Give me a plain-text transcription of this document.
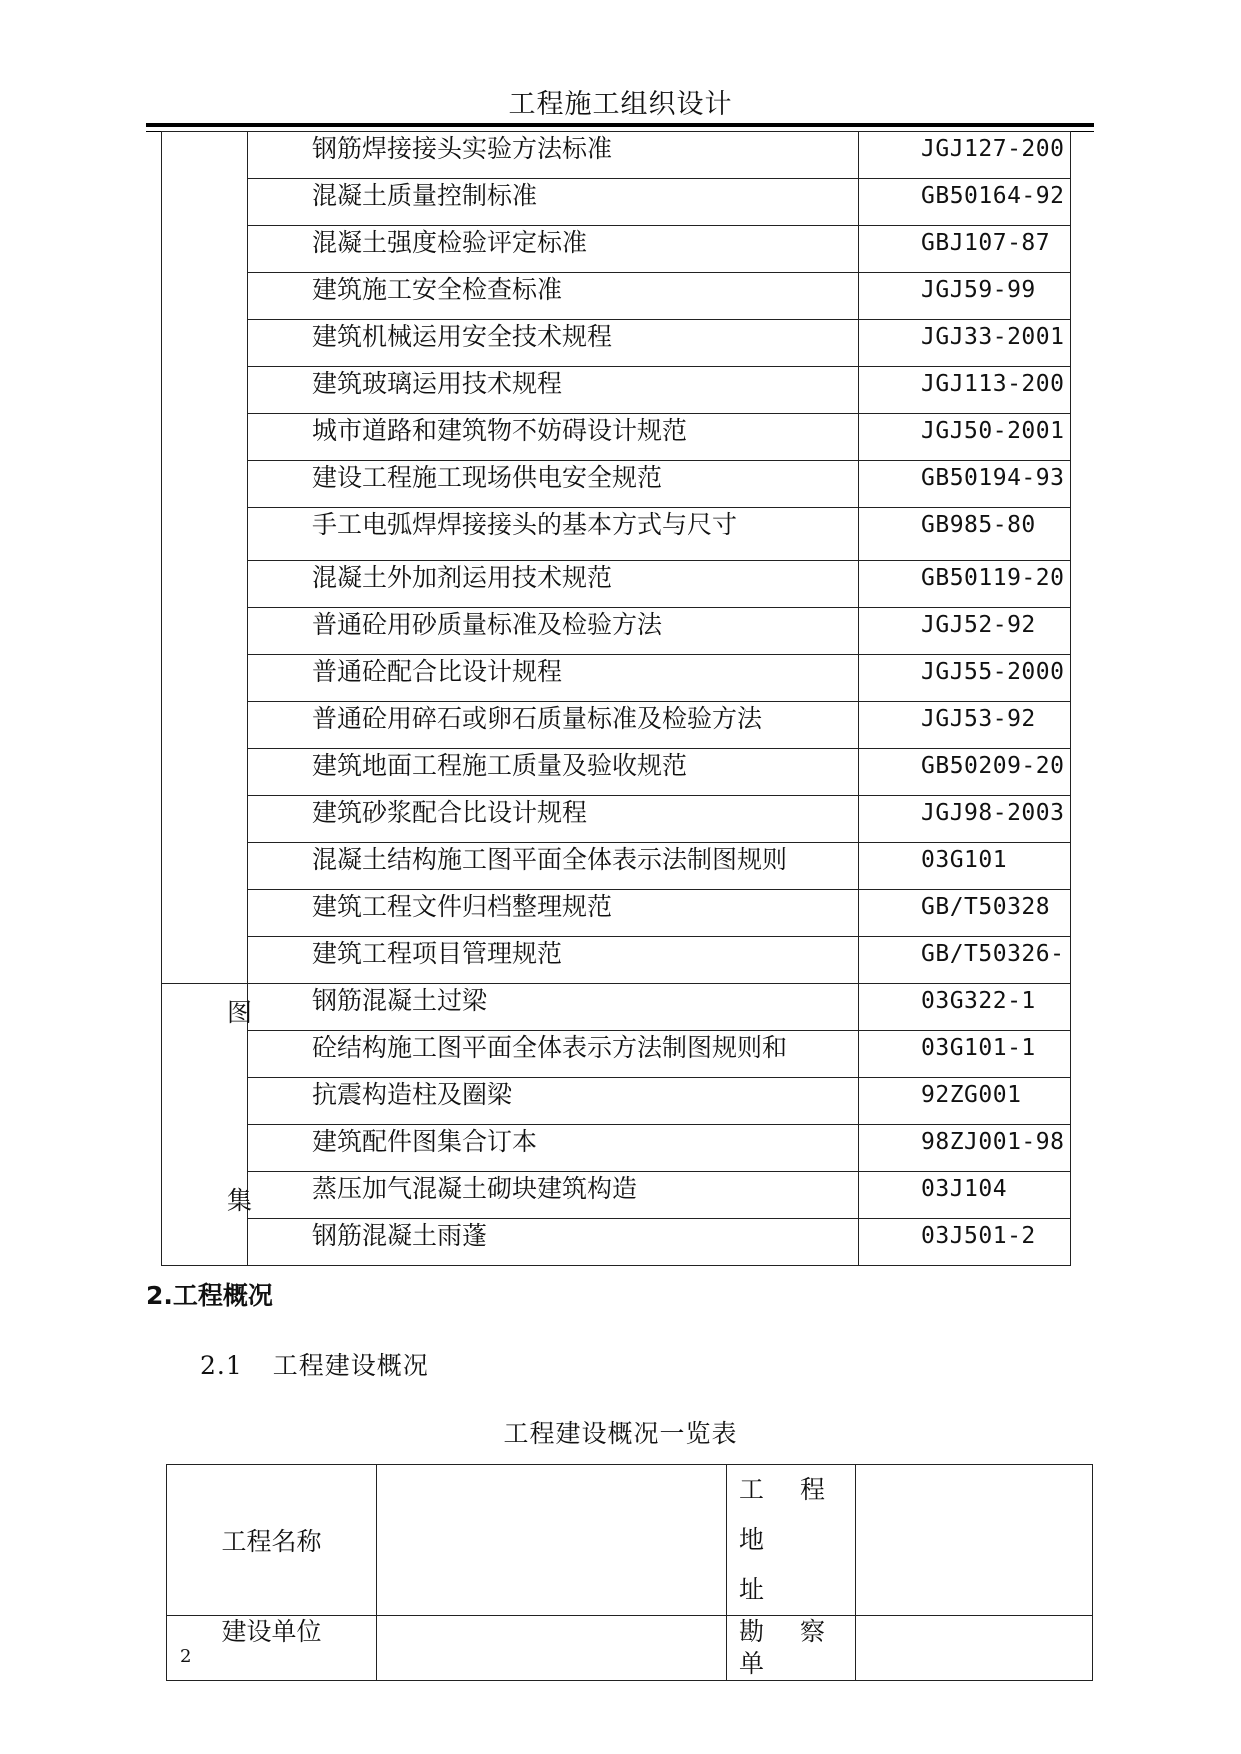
工程施工组织设计
	钢筋焊接接头实验方法标准	JGJ127-200
	混凝土质量控制标准	GB50164-92
	混凝土强度检验评定标准	GBJ107-87
	建筑施工安全检查标准	JGJ59-99
	建筑机械运用安全技术规程	JGJ33-2001
	建筑玻璃运用技术规程	JGJ113-200
	城市道路和建筑物不妨碍设计规范	JGJ50-2001
	建设工程施工现场供电安全规范	GB50194-93
	手工电弧焊焊接接头的基本方式与尺寸	GB985-80
	混凝土外加剂运用技术规范	GB50119-20
	普通砼用砂质量标准及检验方法	JGJ52-92
	普通砼配合比设计规程	JGJ55-2000
	普通砼用碎石或卵石质量标准及检验方法	JGJ53-92
	建筑地面工程施工质量及验收规范	GB50209-20
	建筑砂浆配合比设计规程	JGJ98-2003
	混凝土结构施工图平面全体表示法制图规则	03G101
	建筑工程文件归档整理规范	GB/T50328
	建筑工程项目管理规范	GB/T50326-

图
集	钢筋混凝土过梁	03G322-1
	砼结构施工图平面全体表示方法制图规则和	03G101-1
	抗震构造柱及圈梁	92ZG001
	建筑配件图集合订本	98ZJ001-98
	蒸压加气混凝土砌块建筑构造	03J104
	钢筋混凝土雨蓬	03J501-2
2.工程概况
2.1 工程建设概况
工程建设概况一览表
工程名称		工 程 地
址	

建设单位		勘 察 单	
2
